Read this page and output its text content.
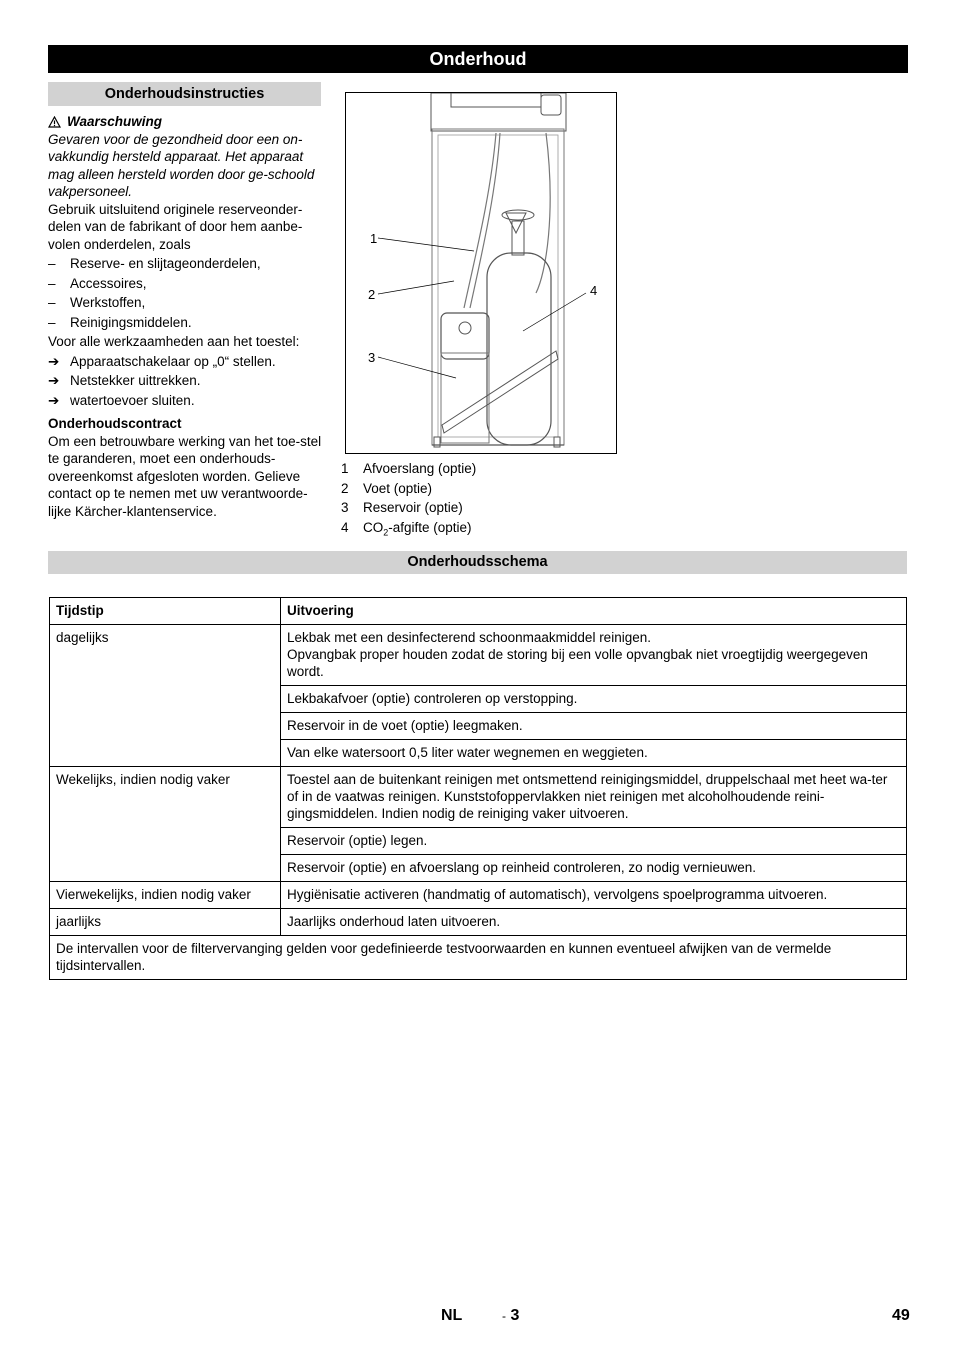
Onderhoud
Onderhoudsinstructies
Waarschuwing
Gevaren voor de gezondheid door een on-vakkundig hersteld apparaat. Het apparaat mag alleen hersteld worden door ge-schoold vakpersoneel.
Gebruik uitsluitend originele reserveonder-delen van de fabrikant of door hem aanbe-volen onderdelen, zoals
– Reserve- en slijtageonderdelen,
– Accessoires,
– Werkstoffen,
– Reinigingsmiddelen.
Voor alle werkzaamheden aan het toestel:
➔ Apparaatschakelaar op „0“ stellen.
➔ Netstekker uittrekken.
➔ watertoevoer sluiten.
Onderhoudscontract
Om een betrouwbare werking van het toe-stel te garanderen, moet een onderhouds-overeenkomst afgesloten worden. Gelieve contact op te nemen met uw verantwoorde-lijke Kärcher-klantenservice.
1
2
3
4
1	Afvoerslang (optie)
2	Voet (optie)
3	Reservoir (optie)
4	$CO_2$-afgifte (optie)
Onderhoudsschema
Tijdstip	Uitvoering
dagelijks	Lekbak met een desinfecterend schoonmaakmiddel reinigen.
Opvangbak proper houden zodat de storing bij een volle opvangbak niet vroegtijdig weergegeven wordt.
	Lekbakafvoer (optie) controleren op verstopping.
	Reservoir in de voet (optie) leegmaken.
	Van elke watersoort 0,5 liter water wegnemen en weggieten.
Wekelijks, indien nodig vaker	Toestel aan de buitenkant reinigen met ontsmettend reinigingsmiddel, druppelschaal met heet wa-ter of in de vaatwas reinigen. Kunststofoppervlakken niet reinigen met alcoholhoudende reini-gingsmiddelen. Indien nodig de reiniging vaker uitvoeren.
	Reservoir (optie) legen.
	Reservoir (optie) en afvoerslang op reinheid controleren, zo nodig vernieuwen.
Vierwekelijks, indien nodig vaker	Hygiënisatie activeren (handmatig of automatisch), vervolgens spoelprogramma uitvoeren.
jaarlijks	Jaarlijks onderhoud laten uitvoeren.
De intervallen voor de filtervervanging gelden voor gedefinieerde testvoorwaarden en kunnen eventueel afwijken van de vermelde tijdsintervallen.	
NL	- 3	49
